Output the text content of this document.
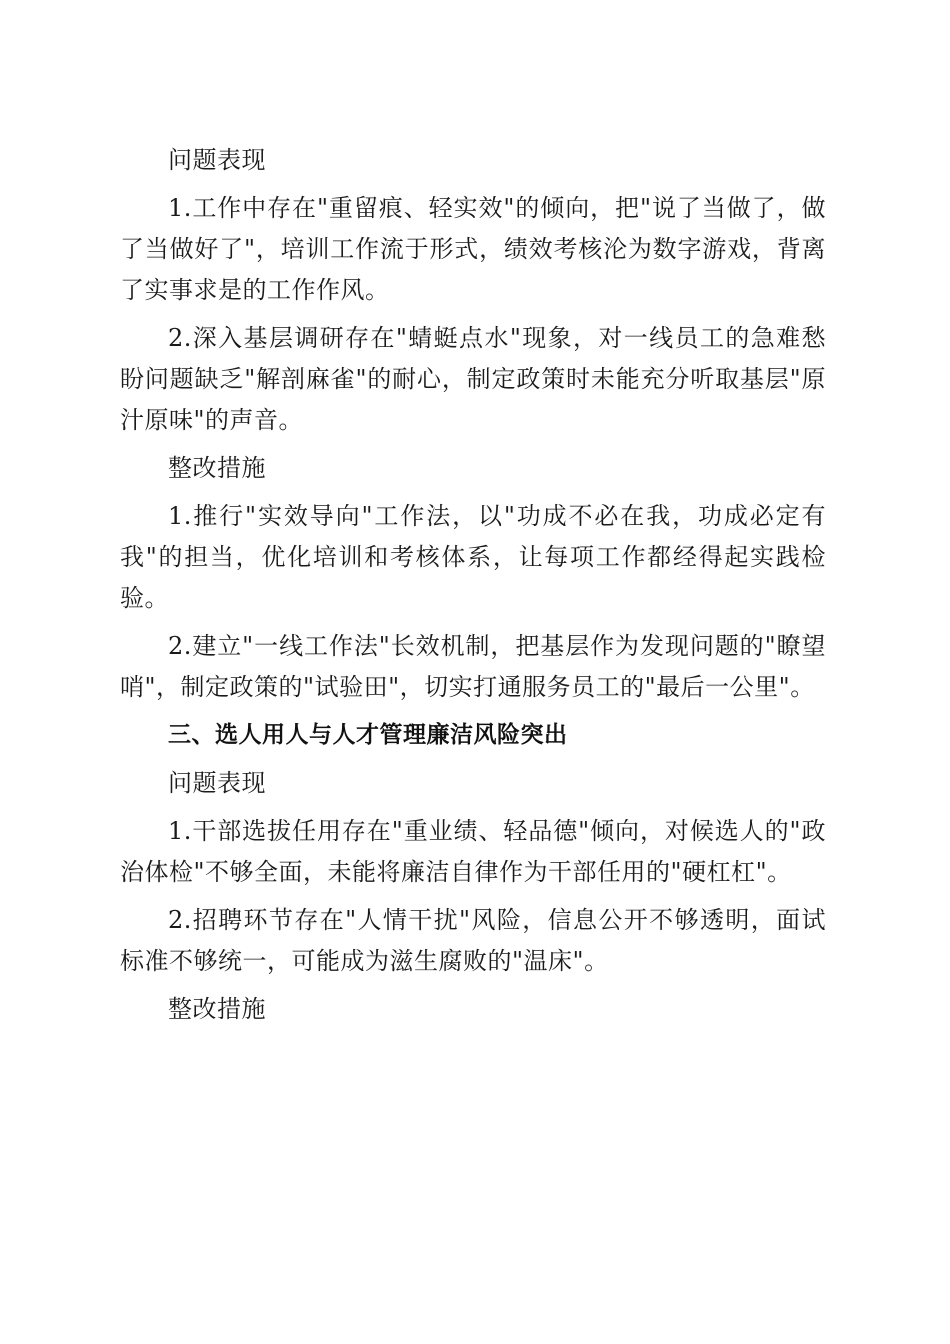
问题表现

1.工作中存在"重留痕、轻实效"的倾向，把"说了当做了，做了当做好了"，培训工作流于形式，绩效考核沦为数字游戏，背离了实事求是的工作作风。

2.深入基层调研存在"蜻蜓点水"现象，对一线员工的急难愁盼问题缺乏"解剖麻雀"的耐心，制定政策时未能充分听取基层"原汁原味"的声音。

整改措施

1.推行"实效导向"工作法，以"功成不必在我，功成必定有我"的担当，优化培训和考核体系，让每项工作都经得起实践检验。

2.建立"一线工作法"长效机制，把基层作为发现问题的"瞭望哨"，制定政策的"试验田"，切实打通服务员工的"最后一公里"。

三、选人用人与人才管理廉洁风险突出

问题表现

1.干部选拔任用存在"重业绩、轻品德"倾向，对候选人的"政治体检"不够全面，未能将廉洁自律作为干部任用的"硬杠杠"。

2.招聘环节存在"人情干扰"风险，信息公开不够透明，面试标准不够统一，可能成为滋生腐败的"温床"。

整改措施
